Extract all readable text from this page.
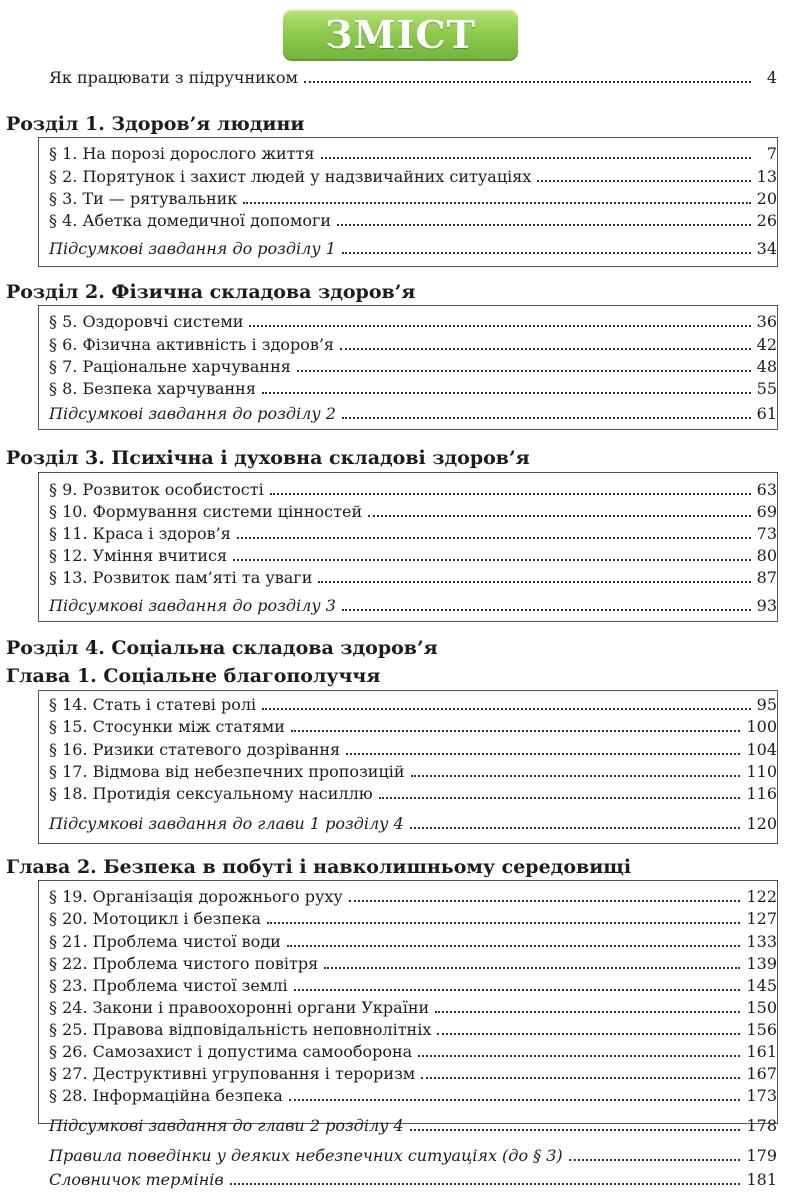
ЗМІСТ
Як працювати з підручником	4
Розділ 1. Здоров’я людини
§ 1. На порозі дорослого життя	7
§ 2. Порятунок і захист людей у надзвичайних ситуаціях	13
§ 3. Ти — рятувальник	20
§ 4. Абетка домедичної допомоги	26
Підсумкові завдання до розділу 1	34
Розділ 2. Фізична складова здоров’я
§ 5. Оздоровчі системи	36
§ 6. Фізична активність і здоров’я	42
§ 7. Раціональне харчування	48
§ 8. Безпека харчування	55
Підсумкові завдання до розділу 2	61
Розділ 3. Психічна і духовна складові здоров’я
§ 9. Розвиток особистості	63
§ 10. Формування системи цінностей	69
§ 11. Краса і здоров’я	73
§ 12. Уміння вчитися	80
§ 13. Розвиток пам’яті та уваги	87
Підсумкові завдання до розділу 3	93
Розділ 4. Соціальна складова здоров’я
Глава 1. Соціальне благополуччя
§ 14. Стать і статеві ролі	95
§ 15. Стосунки між статями	100
§ 16. Ризики статевого дозрівання	104
§ 17. Відмова від небезпечних пропозицій	110
§ 18. Протидія сексуальному насиллю	116
Підсумкові завдання до глави 1 розділу 4	120
Глава 2. Безпека в побуті і навколишньому середовищі
§ 19. Організація дорожнього руху	122
§ 20. Мотоцикл і безпека	127
§ 21. Проблема чистої води	133
§ 22. Проблема чистого повітря	139
§ 23. Проблема чистої землі	145
§ 24. Закони і правоохоронні органи України	150
§ 25. Правова відповідальність неповнолітніх	156
§ 26. Самозахист і допустима самооборона	161
§ 27. Деструктивні угруповання і тероризм	167
§ 28. Інформаційна безпека	173
Підсумкові завдання до глави 2 розділу 4	178
Правила поведінки у деяких небезпечних ситуаціях (до § 3)	179
Словничок термінів	181
